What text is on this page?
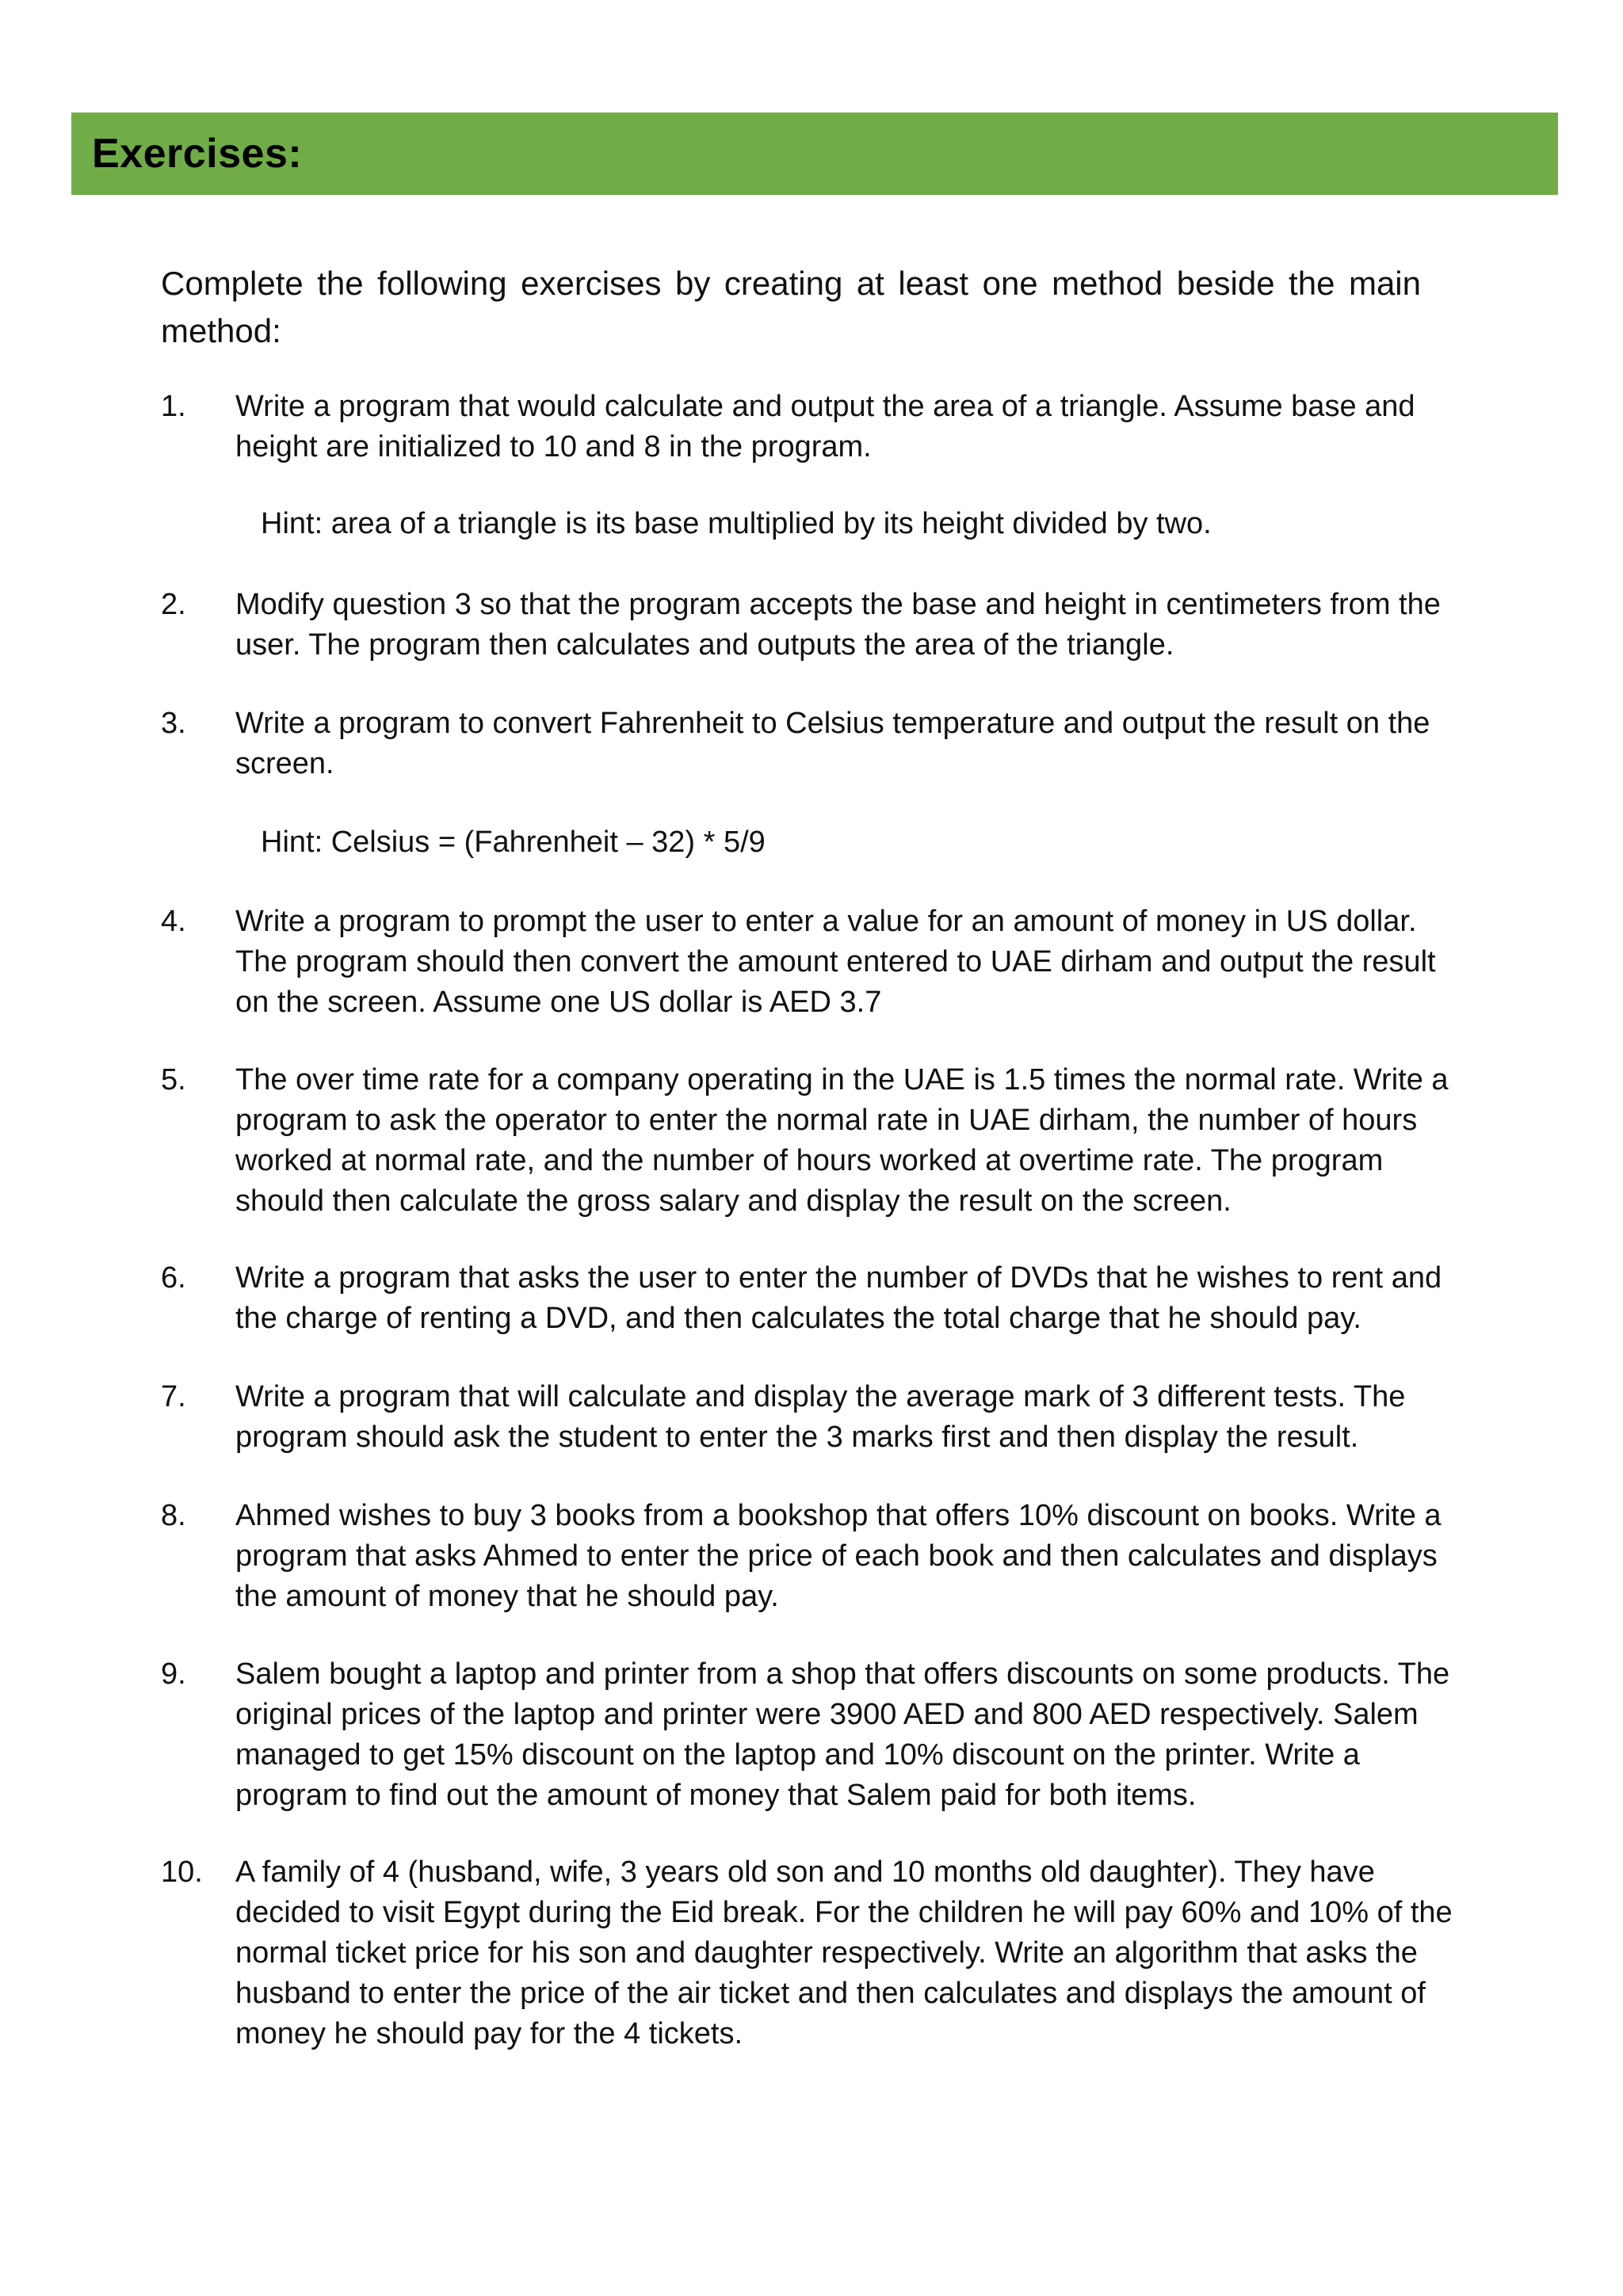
Exercises:
Complete the following exercises by creating at least one method beside the main method:
1.	Write a program that would calculate and output the area of a triangle. Assume base and
height are initialized to 10 and 8 in the program.
Hint: area of a triangle is its base multiplied by its height divided by two.
2.	Modify question 3 so that the program accepts the base and height in centimeters from the
user. The program then calculates and outputs the area of the triangle.
3.	Write a program to convert Fahrenheit to Celsius temperature and output the result on the
screen.
Hint: Celsius = (Fahrenheit – 32) * 5/9
4.	Write a program to prompt the user to enter a value for an amount of money in US dollar.
The program should then convert the amount entered to UAE dirham and output the result
on the screen. Assume one US dollar is AED 3.7
5.	The over time rate for a company operating in the UAE is 1.5 times the normal rate. Write a
program to ask the operator to enter the normal rate in UAE dirham, the number of hours
worked at normal rate, and the number of hours worked at overtime rate. The program
should then calculate the gross salary and display the result on the screen.
6.	Write a program that asks the user to enter the number of DVDs that he wishes to rent and
the charge of renting a DVD, and then calculates the total charge that he should pay.
7.	Write a program that will calculate and display the average mark of 3 different tests. The
program should ask the student to enter the 3 marks first and then display the result.
8.	Ahmed wishes to buy 3 books from a bookshop that offers 10% discount on books. Write a
program that asks Ahmed to enter the price of each book and then calculates and displays
the amount of money that he should pay.
9.	Salem bought a laptop and printer from a shop that offers discounts on some products. The
original prices of the laptop and printer were 3900 AED and 800 AED respectively. Salem
managed to get 15% discount on the laptop and 10% discount on the printer. Write a
program to find out the amount of money that Salem paid for both items.
10.	A family of 4 (husband, wife, 3 years old son and 10 months old daughter). They have
decided to visit Egypt during the Eid break. For the children he will pay 60% and 10% of the
normal ticket price for his son and daughter respectively. Write an algorithm that asks the
husband to enter the price of the air ticket and then calculates and displays the amount of
money he should pay for the 4 tickets.
